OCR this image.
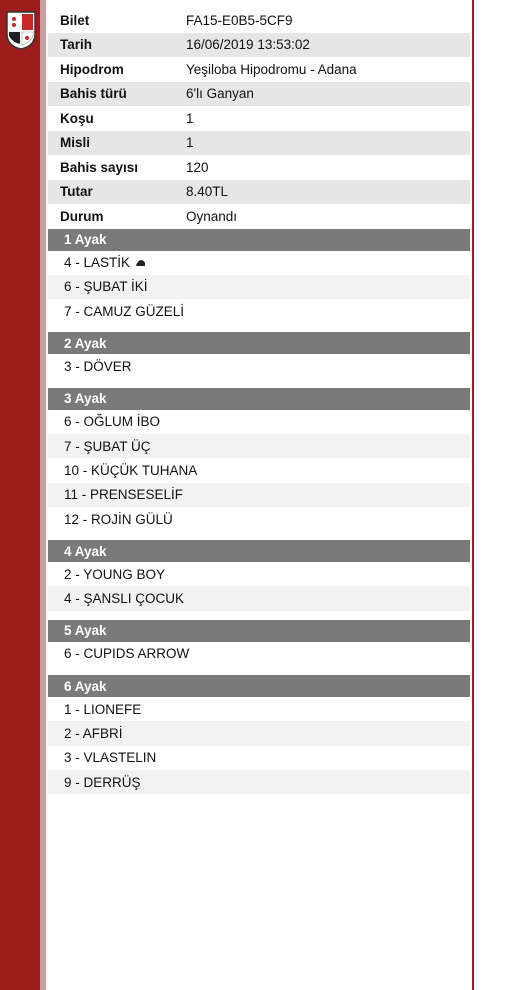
Bilet	FA15-E0B5-5CF9
Tarih	16/06/2019 13:53:02
Hipodrom	Yeşiloba Hipodromu - Adana
Bahis türü	6'lı Ganyan
Koşu	1
Misli	1
Bahis sayısı	120
Tutar	8.40TL
Durum	Oynandı
1 Ayak
4 - LASTİK
6 - ŞUBAT İKİ
7 - CAMUZ GÜZELİ
2 Ayak
3 - DÖVER
3 Ayak
6 - OĞLUM İBO
7 - ŞUBAT ÜÇ
10 - KÜÇÜK TUHANA
11 - PRENSESELİF
12 - ROJİN GÜLÜ
4 Ayak
2 - YOUNG BOY
4 - ŞANSLI ÇOCUK
5 Ayak
6 - CUPIDS ARROW
6 Ayak
1 - LIONEFE
2 - AFBRİ
3 - VLASTELIN
9 - DERRÜŞ
